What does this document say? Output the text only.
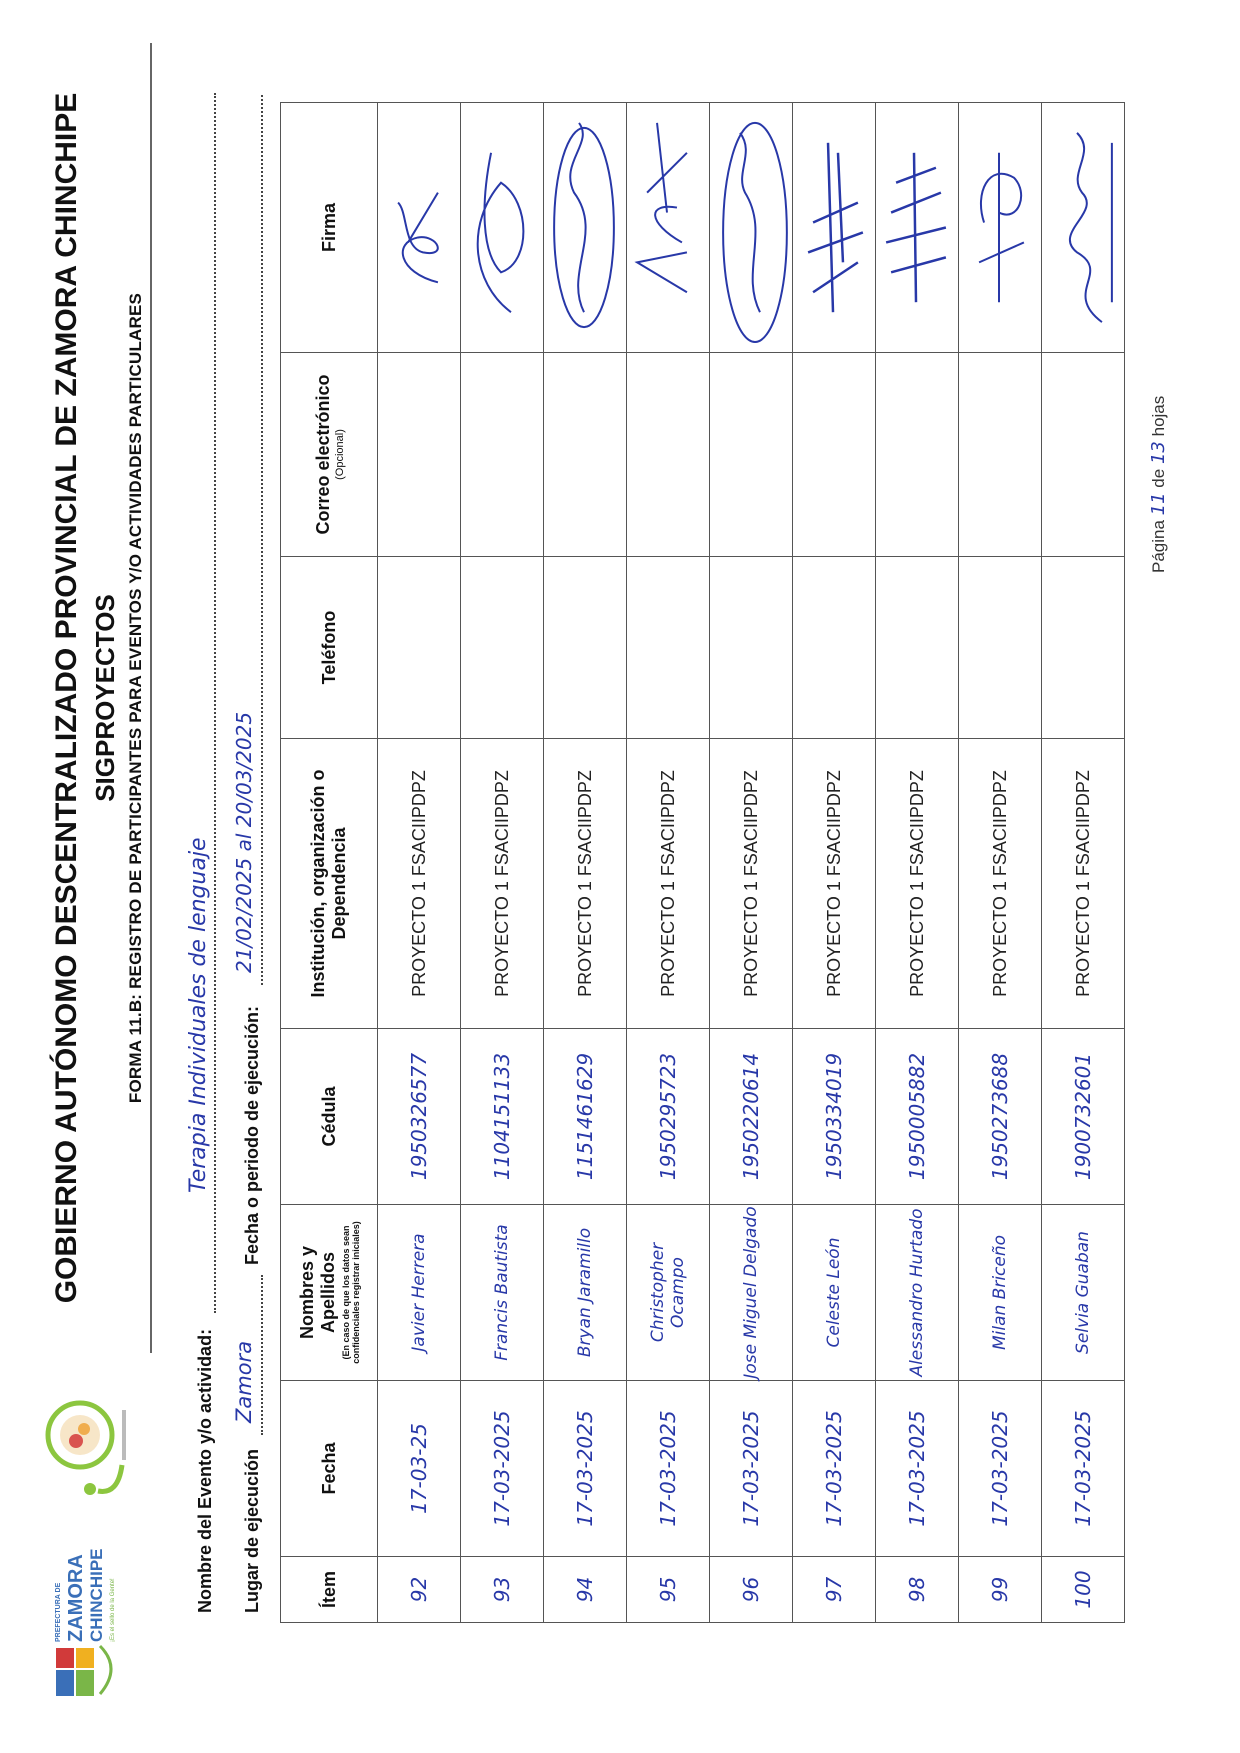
PREFECTURA DE ZAMORA CHINCHIPE ¡Es el sello de la Gente!
GOBIERNO AUTÓNOMO DESCENTRALIZADO PROVINCIAL DE ZAMORA CHINCHIPE SIGPROYECTOS FORMA 11.B: REGISTRO DE PARTICIPANTES PARA EVENTOS Y/O ACTIVIDADES PARTICULARES
Nombre del Evento y/o actividad:
Terapia Individuales de lenguaje
Lugar de ejecución
Zamora
Fecha o periodo de ejecución:
21/02/2025 al 20/03/2025
Ítem	Fecha	Nombres y Apellidos (En caso de que los datos sean confidenciales registrar iniciales)	Cédula	Institución, organización o Dependencia	Teléfono	Correo electrónico (Opcional)	Firma
92	17-03-25	Javier Herrera	1950326577	PROYECTO 1 FSACIIPDPZ			

93	17-03-2025	Francis Bautista	1104151133	PROYECTO 1 FSACIIPDPZ			

94	17-03-2025	Bryan Jaramillo	1151461629	PROYECTO 1 FSACIIPDPZ			

95	17-03-2025	Christopher Ocampo	1950295723	PROYECTO 1 FSACIIPDPZ			

96	17-03-2025	Jose Miguel Delgado	1950220614	PROYECTO 1 FSACIIPDPZ			

97	17-03-2025	Celeste León	1950334019	PROYECTO 1 FSACIIPDPZ			

98	17-03-2025	Alessandro Hurtado	1950005882	PROYECTO 1 FSACIIPDPZ			

99	17-03-2025	Milan Briceño	1950273688	PROYECTO 1 FSACIIPDPZ			

100	17-03-2025	Selvia Guaban	1900732601	PROYECTO 1 FSACIIPDPZ			
Página 11 de 13 hojas
